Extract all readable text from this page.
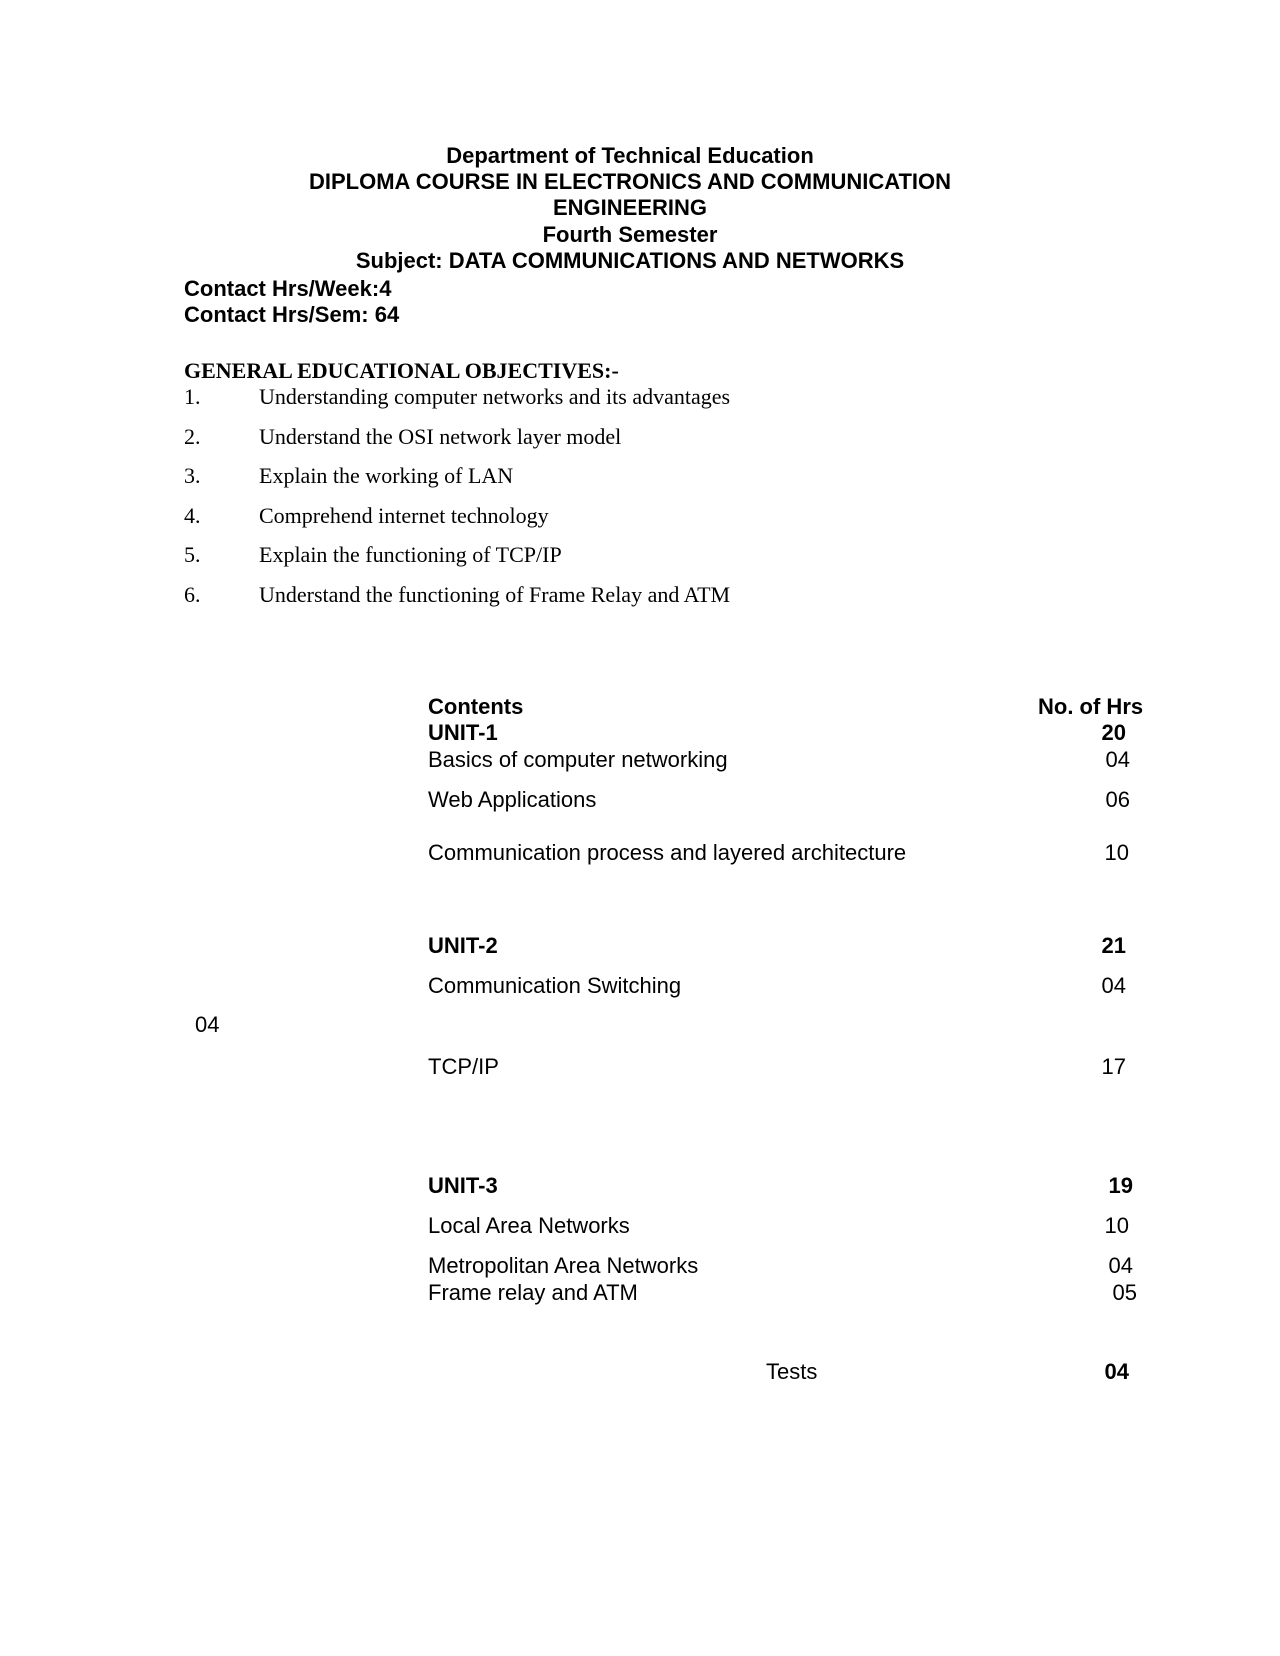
Department of Technical Education
DIPLOMA COURSE IN ELECTRONICS AND COMMUNICATION
ENGINEERING
Fourth Semester
Subject: DATA COMMUNICATIONS AND NETWORKS
Contact Hrs/Week:4
Contact Hrs/Sem: 64
GENERAL EDUCATIONAL OBJECTIVES:-
1.	Understanding computer networks and its advantages
2.	Understand the OSI network layer model
3.	Explain the working of LAN
4.	Comprehend internet technology
5.	Explain the functioning of TCP/IP
6.	Understand the functioning of Frame Relay and ATM
Contents	No. of Hrs
UNIT-1	20
Basics of computer networking	04
Web Applications	06
Communication process and layered architecture	10
UNIT-2	21
Communication Switching	04
04
TCP/IP	17
UNIT-3	19
Local Area Networks	10
Metropolitan Area Networks	04
Frame relay and ATM	05
Tests	04
